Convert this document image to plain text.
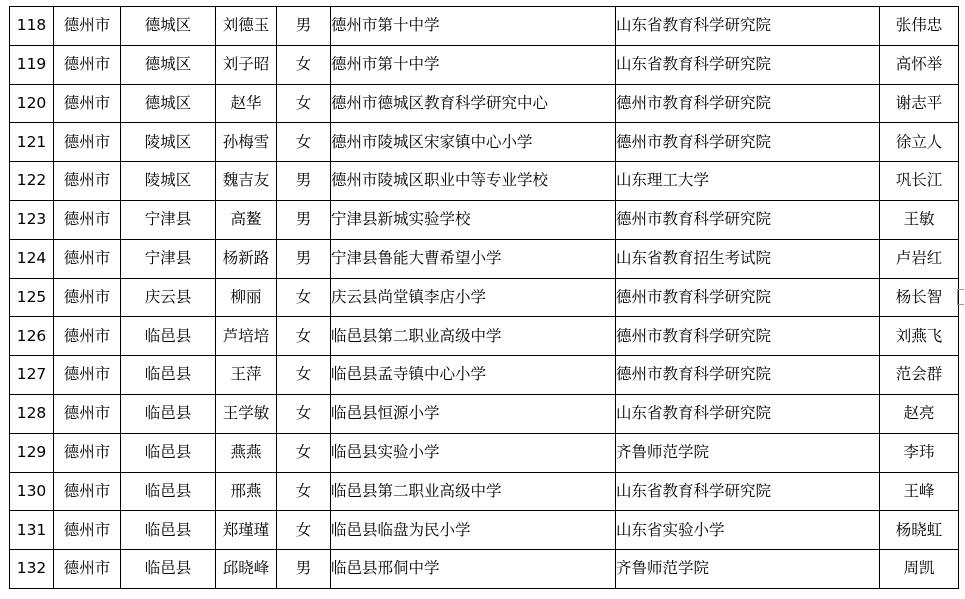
118	德州市	德城区	刘德玉	男	德州市第十中学	山东省教育科学研究院	张伟忠
119	德州市	德城区	刘子昭	女	德州市第十中学	山东省教育科学研究院	高怀举
120	德州市	德城区	赵华	女	德州市德城区教育科学研究中心	德州市教育科学研究院	谢志平
121	德州市	陵城区	孙梅雪	女	德州市陵城区宋家镇中心小学	德州市教育科学研究院	徐立人
122	德州市	陵城区	魏吉友	男	德州市陵城区职业中等专业学校	山东理工大学	巩长江
123	德州市	宁津县	高鳌	男	宁津县新城实验学校	德州市教育科学研究院	王敏
124	德州市	宁津县	杨新路	男	宁津县鲁能大曹希望小学	山东省教育招生考试院	卢岩红
125	德州市	庆云县	柳丽	女	庆云县尚堂镇李店小学	德州市教育科学研究院	杨长智
126	德州市	临邑县	芦培培	女	临邑县第二职业高级中学	德州市教育科学研究院	刘燕飞
127	德州市	临邑县	王萍	女	临邑县孟寺镇中心小学	德州市教育科学研究院	范会群
128	德州市	临邑县	王学敏	女	临邑县恒源小学	山东省教育科学研究院	赵亮
129	德州市	临邑县	燕燕	女	临邑县实验小学	齐鲁师范学院	李玮
130	德州市	临邑县	邢燕	女	临邑县第二职业高级中学	山东省教育科学研究院	王峰
131	德州市	临邑县	郑瑾瑾	女	临邑县临盘为民小学	山东省实验小学	杨晓虹
132	德州市	临邑县	邱晓峰	男	临邑县邢侗中学	齐鲁师范学院	周凯
